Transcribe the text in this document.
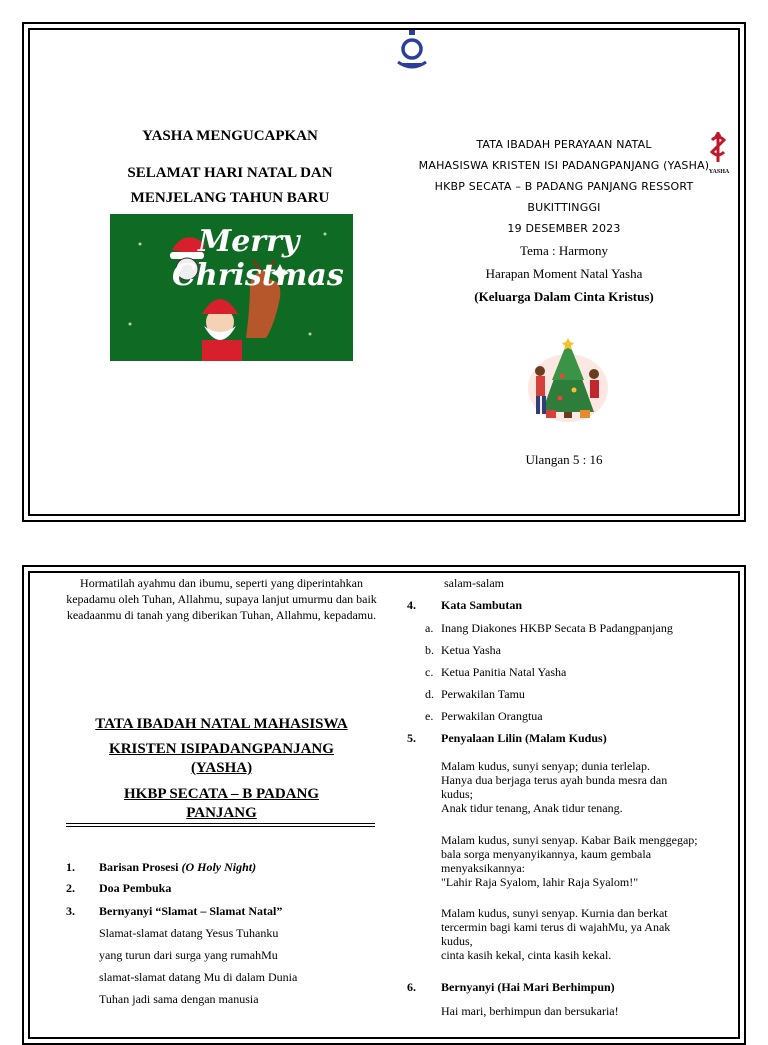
YASHA MENGUCAPKAN
SELAMAT HARI NATAL DAN
MENJELANG TAHUN BARU
Merry
Christmas
TATA IBADAH PERAYAAN NATAL
MAHASISWA KRISTEN ISI PADANGPANJANG (YASHA)
HKBP SECATA – B PADANG PANJANG RESSORT
BUKITTINGGI
19 DESEMBER 2023
Tema : Harmony
Harapan Moment Natal Yasha
(Keluarga Dalam Cinta Kristus)
YASHA
Ulangan 5 : 16
Hormatilah ayahmu dan ibumu, seperti yang diperintahkan kepadamu oleh Tuhan, Allahmu, supaya lanjut umurmu dan baik keadaanmu di tanah yang diberikan Tuhan, Allahmu, kepadamu.
TATA IBADAH NATAL MAHASISWA
KRISTEN ISIPADANGPANJANG
(YASHA)
HKBP SECATA – B PADANG
PANJANG
1. Barisan Prosesi (O Holy Night)
2. Doa Pembuka
3. Bernyanyi “Slamat – Slamat Natal”
Slamat-slamat datang Yesus Tuhanku
yang turun dari surga yang rumahMu
slamat-slamat datang Mu di dalam Dunia
Tuhan jadi sama dengan manusia
salam-salam
4. Kata Sambutan
a. Inang Diakones HKBP Secata B Padangpanjang
b. Ketua Yasha
c. Ketua Panitia Natal Yasha
d. Perwakilan Tamu
e. Perwakilan Orangtua
5. Penyalaan Lilin (Malam Kudus)
Malam kudus, sunyi senyap; dunia terlelap.
Hanya dua berjaga terus ayah bunda mesra dan
kudus;
Anak tidur tenang, Anak tidur tenang.
Malam kudus, sunyi senyap. Kabar Baik menggegap;
bala sorga menyanyikannya, kaum gembala
menyaksikannya:
"Lahir Raja Syalom, lahir Raja Syalom!"
Malam kudus, sunyi senyap. Kurnia dan berkat
tercermin bagi kami terus di wajahMu, ya Anak
kudus,
cinta kasih kekal, cinta kasih kekal.
6. Bernyanyi (Hai Mari Berhimpun)
Hai mari, berhimpun dan bersukaria!
